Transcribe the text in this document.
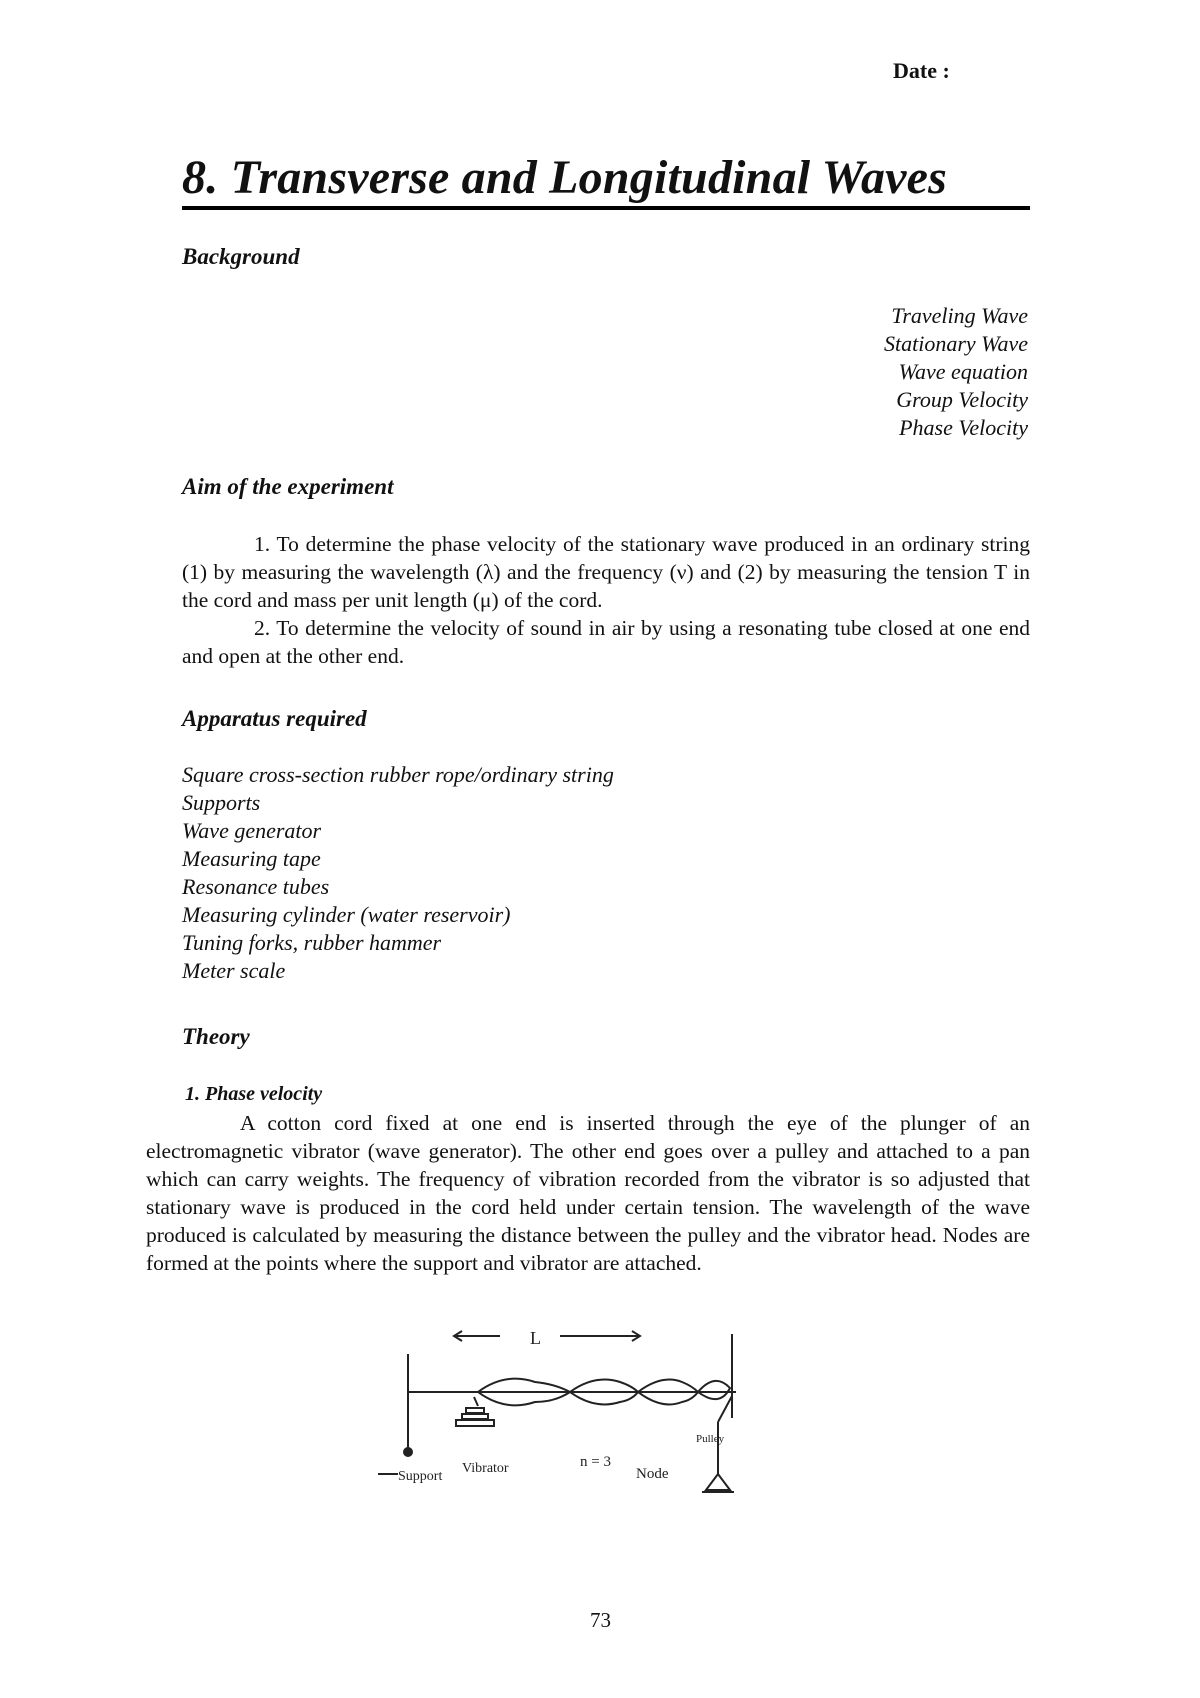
Date :
8. Transverse and Longitudinal Waves
Background
Traveling Wave
Stationary Wave
Wave equation
Group Velocity
Phase Velocity
Aim of the experiment
1. To determine the phase velocity of the stationary wave produced in an ordinary string (1) by measuring the wavelength (λ) and the frequency (ν) and (2) by measuring the tension T in the cord and mass per unit length (μ) of the cord.
2. To determine the velocity of sound in air by using a resonating tube closed at one end and open at the other end.
Apparatus required
Square cross-section rubber rope/ordinary string
Supports
Wave generator
Measuring tape
Resonance tubes
Measuring cylinder (water reservoir)
Tuning forks, rubber hammer
Meter scale
Theory
1. Phase velocity
A cotton cord fixed at one end is inserted through the eye of the plunger of an electromagnetic vibrator (wave generator). The other end goes over a pulley and attached to a pan which can carry weights. The frequency of vibration recorded from the vibrator is so adjusted that stationary wave is produced in the cord held under certain tension. The wavelength of the wave produced is calculated by measuring the distance between the pulley and the vibrator head. Nodes are formed at the points where the support and vibrator are attached.
L
Support
Vibrator	n = 3
Node
Pulley
73
